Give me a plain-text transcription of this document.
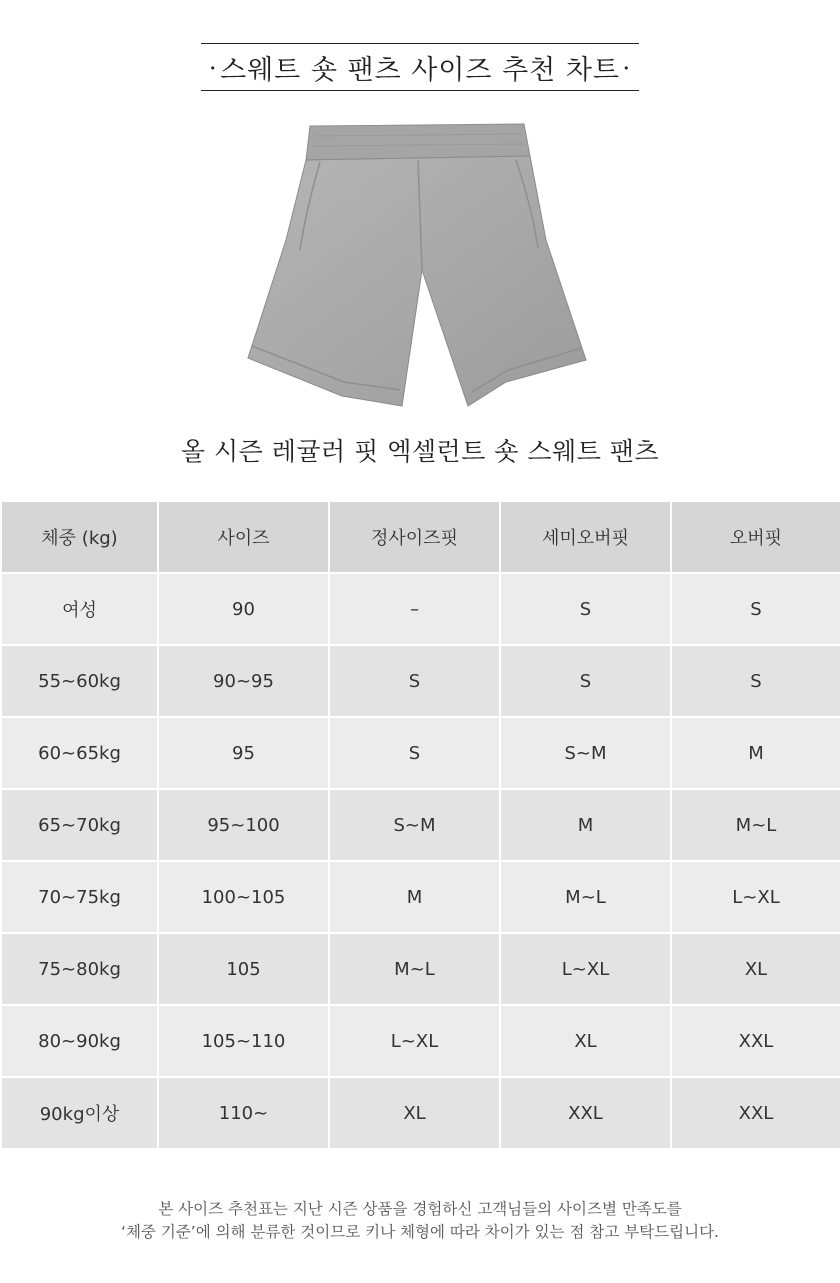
• 스웨트 숏 팬츠 사이즈 추천 차트 •
올 시즌 레귤러 핏 엑셀런트 숏 스웨트 팬츠
체중 (kg)	사이즈	정사이즈핏	세미오버핏	오버핏
여성	90	–	S	S
55~60kg	90~95	S	S	S
60~65kg	95	S	S~M	M
65~70kg	95~100	S~M	M	M~L
70~75kg	100~105	M	M~L	L~XL
75~80kg	105	M~L	L~XL	XL
80~90kg	105~110	L~XL	XL	XXL
90kg이상	110~	XL	XXL	XXL
본 사이즈 추천표는 지난 시즌 상품을 경험하신 고객님들의 사이즈별 만족도를
‘체중 기준’에 의해 분류한 것이므로 키나 체형에 따라 차이가 있는 점 참고 부탁드립니다.
